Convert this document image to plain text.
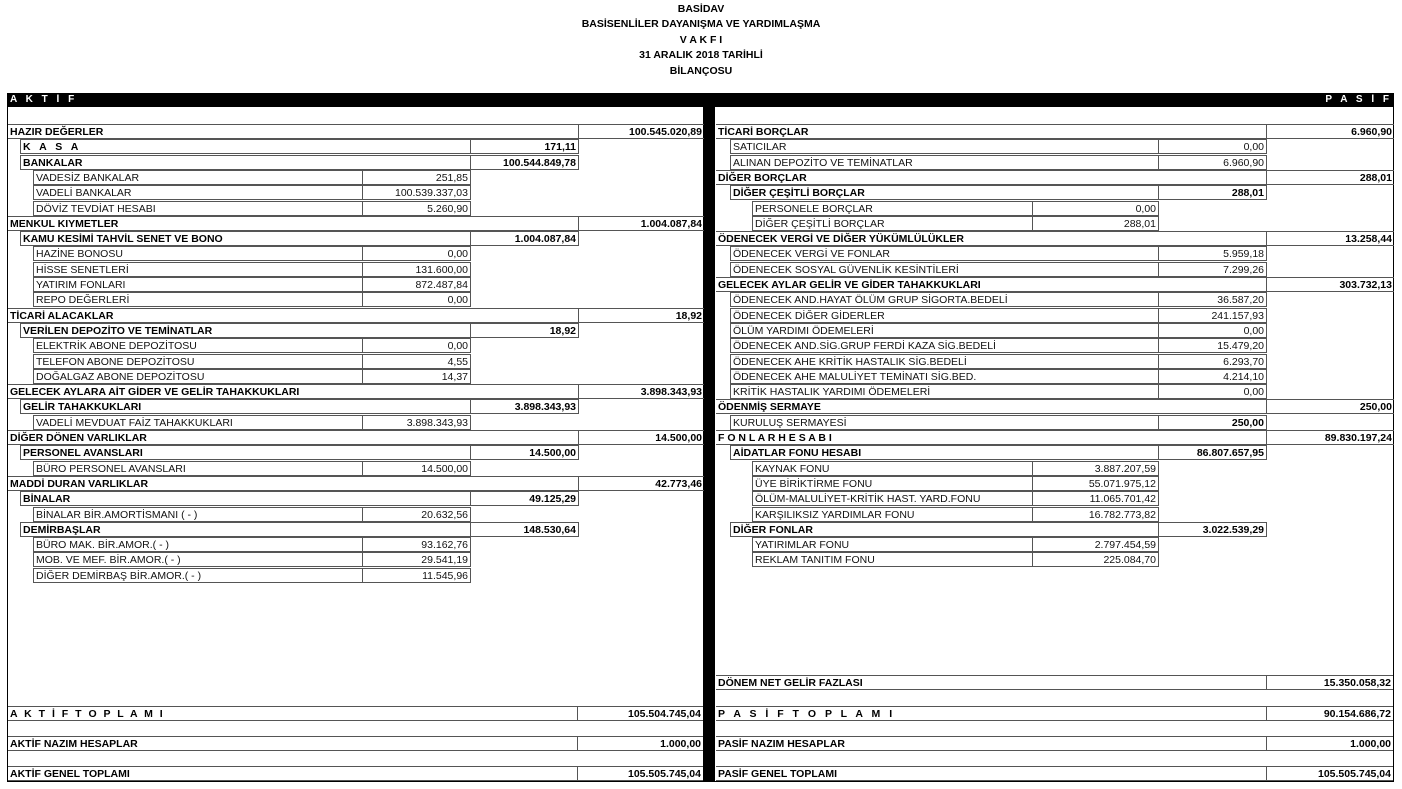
BASİDAV
BASİSENLİLER DAYANIŞMA VE YARDIMLAŞMA
V A K F I
31 ARALIK 2018 TARİHLİ
BİLANÇOSU
A K T İ F	P A S İ F
HAZIR DEĞERLER	100.545.020,89
K A S A	171,11
BANKALAR	100.544.849,78
VADESİZ BANKALAR	251,85
VADELİ BANKALAR	100.539.337,03
DÖVİZ TEVDİAT HESABI	5.260,90
MENKUL KIYMETLER	1.004.087,84
KAMU KESİMİ TAHVİL SENET VE BONO	1.004.087,84
HAZİNE BONOSU	0,00
HİSSE SENETLERİ	131.600,00
YATIRIM FONLARI	872.487,84
REPO DEĞERLERİ	0,00
TİCARİ ALACAKLAR	18,92
VERİLEN DEPOZİTO VE TEMİNATLAR	18,92
ELEKTRİK ABONE DEPOZİTOSU	0,00
TELEFON ABONE DEPOZİTOSU	4,55
DOĞALGAZ ABONE DEPOZİTOSU	14,37
GELECEK AYLARA AİT GİDER VE GELİR TAHAKKUKLARI	3.898.343,93
GELİR TAHAKKUKLARI	3.898.343,93
VADELİ MEVDUAT FAİZ TAHAKKUKLARI	3.898.343,93
DİĞER DÖNEN VARLIKLAR	14.500,00
PERSONEL AVANSLARI	14.500,00
BÜRO PERSONEL AVANSLARI	14.500,00
MADDİ DURAN VARLIKLAR	42.773,46
BİNALAR	49.125,29
BİNALAR BİR.AMORTİSMANI ( - )	20.632,56
DEMİRBAŞLAR	148.530,64
BÜRO MAK. BİR.AMOR.( - )	93.162,76
MOB. VE MEF. BİR.AMOR.( - )	29.541,19
DİĞER DEMİRBAŞ BİR.AMOR.( - )	11.545,96
TİCARİ BORÇLAR	6.960,90
SATICILAR	0,00
ALINAN DEPOZİTO VE TEMİNATLAR	6.960,90
DİĞER BORÇLAR	288,01
DİĞER ÇEŞİTLİ BORÇLAR	288,01
PERSONELE BORÇLAR	0,00
DİĞER ÇEŞİTLİ BORÇLAR	288,01
ÖDENECEK VERGİ VE DİĞER YÜKÜMLÜLÜKLER	13.258,44
ÖDENECEK VERGİ VE FONLAR	5.959,18
ÖDENECEK SOSYAL GÜVENLİK KESİNTİLERİ	7.299,26
GELECEK AYLAR GELİR VE GİDER TAHAKKUKLARI	303.732,13
ÖDENECEK AND.HAYAT ÖLÜM GRUP SİGORTA.BEDELİ	36.587,20
ÖDENECEK DİĞER GİDERLER	241.157,93
ÖLÜM YARDIMI ÖDEMELERİ	0,00
ÖDENECEK AND.SİG.GRUP FERDİ KAZA SİG.BEDELİ	15.479,20
ÖDENECEK AHE KRİTİK HASTALIK SİG.BEDELİ	6.293,70
ÖDENECEK AHE MALULİYET TEMİNATI SİG.BED.	4.214,10
KRİTİK HASTALIK YARDIMI ÖDEMELERİ	0,00
ÖDENMİŞ SERMAYE	250,00
KURULUŞ SERMAYESİ	250,00
F O N L A R H E S A B I	89.830.197,24
AİDATLAR FONU HESABI	86.807.657,95
KAYNAK FONU	3.887.207,59
ÜYE BİRİKTİRME FONU	55.071.975,12
ÖLÜM-MALULİYET-KRİTİK HAST. YARD.FONU	11.065.701,42
KARŞILIKSIZ YARDIMLAR FONU	16.782.773,82
DİĞER FONLAR	3.022.539,29
YATIRIMLAR FONU	2.797.454,59
REKLAM TANITIM FONU	225.084,70
A K T İ F T O P L A M I	105.504.745,04
AKTİF NAZIM HESAPLAR	1.000,00
AKTİF GENEL TOPLAMI	105.505.745,04
DÖNEM NET GELİR FAZLASI	15.350.058,32
P A S İ F T O P L A M I	90.154.686,72
PASİF NAZIM HESAPLAR	1.000,00
PASİF GENEL TOPLAMI	105.505.745,04
